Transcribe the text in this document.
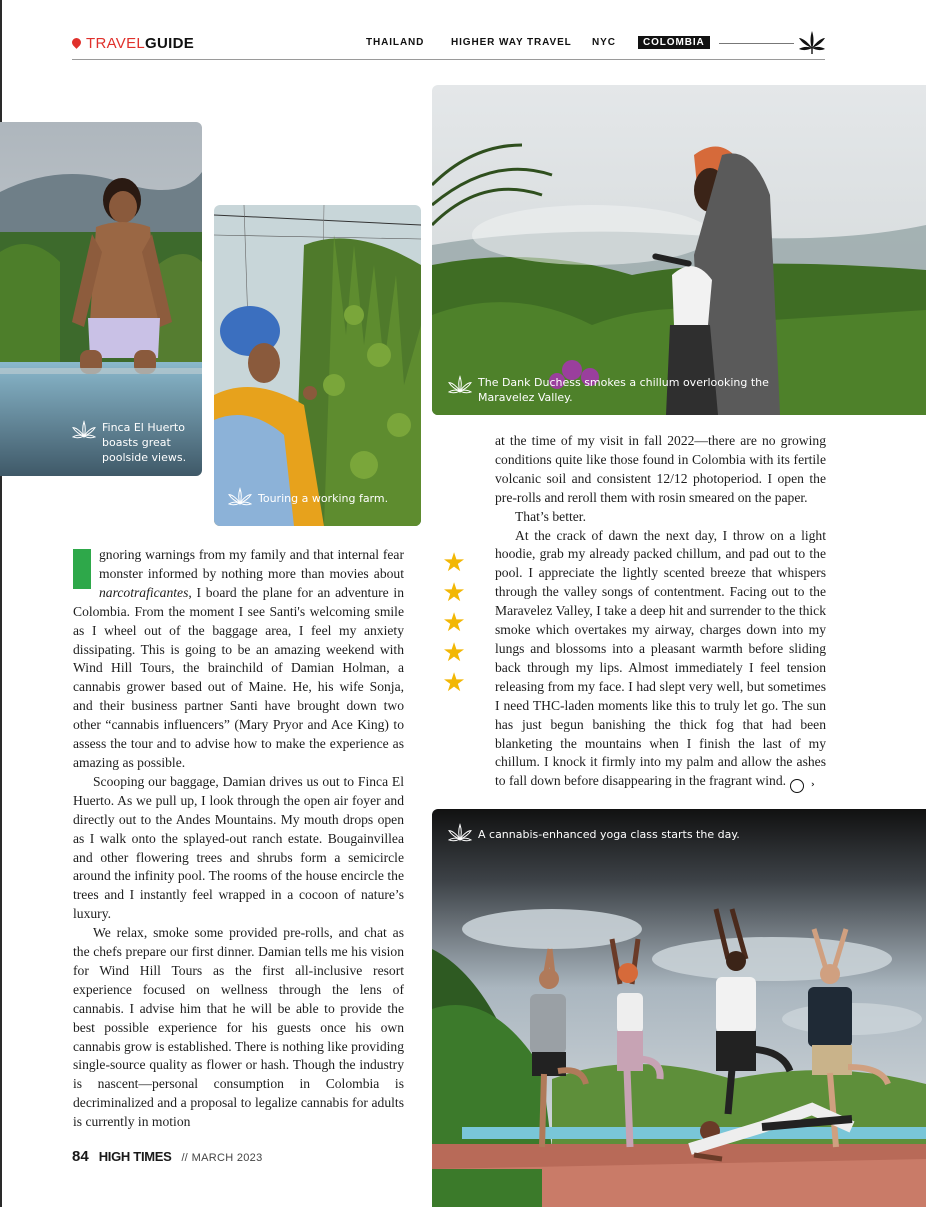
TRAVEL GUIDE	THAILAND	HIGHER WAY TRAVEL NYC	COLOMBIA
Finca El Huerto boasts great poolside views.
Touring a working farm.
The Dank Duchess smokes a chillum overlooking the Maravelez Valley.
A cannabis-enhanced yoga class starts the day.

I	gnoring warnings from my family and that internal fear monster informed by nothing more than movies about narcotraficantes, I board the plane for an adventure in Colombia. From the moment I see Santi's welcoming smile as I wheel out of the baggage area, I feel my anxiety dissipating. This is going to be an amazing weekend with Wind Hill Tours, the brainchild of Damian Holman, a cannabis grower based out of Maine. He, his wife Sonja, and their business partner Santi have brought down two other “cannabis influencers” (Mary Pryor and Ace King) to assess the tour and to advise how to make the experience as amazing as possible.

Scooping our baggage, Damian drives us out to Finca El Huerto. As we pull up, I look through the open air foyer and directly out to the Andes Mountains. My mouth drops open as I walk onto the splayed-out ranch estate. Bougainvillea and other flowering trees and shrubs form a semicircle around the infinity pool. The rooms of the house encircle the trees and I instantly feel wrapped in a cocoon of nature’s luxury.

We relax, smoke some provided pre-rolls, and chat as the chefs prepare our first dinner. Damian tells me his vision for Wind Hill Tours as the first all-inclusive resort experience focused on wellness through the lens of cannabis. I advise him that he will be able to provide the best possible experience for his guests once his own cannabis grow is established. There is nothing like providing single-source quality as flower or hash. Though the industry is nascent—personal consumption in Colombia is decriminalized and a proposal to legalize cannabis for adults is currently in motion

★
★
★
★
★

at the time of my visit in fall 2022—there are no growing conditions quite like those found in Colombia with its fertile volcanic soil and consistent 12/12 photoperiod. I open the pre-rolls and reroll them with rosin smeared on the paper.

That’s better.

At the crack of dawn the next day, I throw on a light hoodie, grab my already packed chillum, and pad out to the pool. I appreciate the lightly scented breeze that whispers through the valley songs of contentment. Facing out to the Maravelez Valley, I take a deep hit and surrender to the thick smoke which overtakes my airway, charges down into my lungs and blossoms into a pleasant warmth before sliding back through my lips. Almost immediately I feel tension releasing from my face. I had slept very well, but sometimes I need THC-laden moments like this to truly let go. The sun has just begun banishing the thick fog that had been blanketing the mountains when I finish the last of my chillum. I knock it firmly into my palm and allow the ashes to fall down before disappearing in the fragrant wind.	›

84 HIGH TIMES // MARCH 2023
